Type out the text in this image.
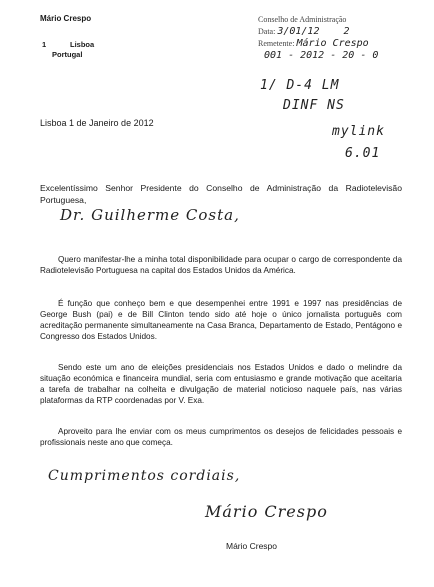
Mário Crespo
1	Lisboa
Portugal
Conselho de Administração
Data: 3/01/12 2
Remetente: Mário Crespo
001 - 2012 - 20 - 0
1/ D-4 LM
DINF NS
mylink
6.01
Lisboa 1 de Janeiro de 2012
Excelentíssimo Senhor Presidente do Conselho de Administração da Radiotelevisão Portuguesa,
Dr. Guilherme Costa,
Quero manifestar-lhe a minha total disponibilidade para ocupar o cargo de correspondente da Radiotelevisão Portuguesa na capital dos Estados Unidos da América.
É função que conheço bem e que desempenhei entre 1991 e 1997 nas presidências de George Bush (pai) e de Bill Clinton tendo sido até hoje o único jornalista português com acreditação permanente simultaneamente na Casa Branca, Departamento de Estado, Pentágono e Congresso dos Estados Unidos.
Sendo este um ano de eleições presidenciais nos Estados Unidos e dado o melindre da situação económica e financeira mundial, seria com entusiasmo e grande motivação que aceitaria a tarefa de trabalhar na colheita e divulgação de material noticioso naquele país, nas várias plataformas da RTP coordenadas por V. Exa.
Aproveito para lhe enviar com os meus cumprimentos os desejos de felicidades pessoais e profissionais neste ano que começa.
Cumprimentos cordiais,
Mário Crespo
Mário Crespo
